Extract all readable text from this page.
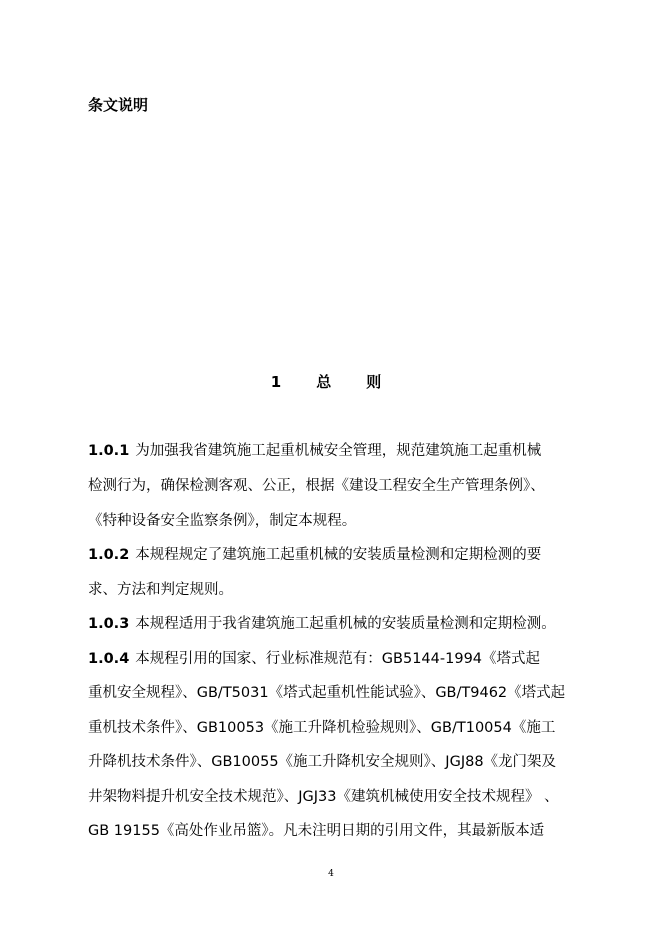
条文说明
1　总　则
1.0.1 为加强我省建筑施工起重机械安全管理，规范建筑施工起重机械
检测行为，确保检测客观、公正，根据《建设工程安全生产管理条例》、
《特种设备安全监察条例》，制定本规程。
1.0.2 本规程规定了建筑施工起重机械的安装质量检测和定期检测的要
求、方法和判定规则。
1.0.3 本规程适用于我省建筑施工起重机械的安装质量检测和定期检测。
1.0.4 本规程引用的国家、行业标准规范有：GB5144-1994《塔式起
重机安全规程》、GB/T5031《塔式起重机性能试验》、GB/T9462《塔式起
重机技术条件》、GB10053《施工升降机检验规则》、GB/T10054《施工
升降机技术条件》、GB10055《施工升降机安全规则》、JGJ88《龙门架及
井架物料提升机安全技术规范》、JGJ33《建筑机械使用安全技术规程》 、
GB 19155《高处作业吊篮》。凡未注明日期的引用文件，其最新版本适
4
